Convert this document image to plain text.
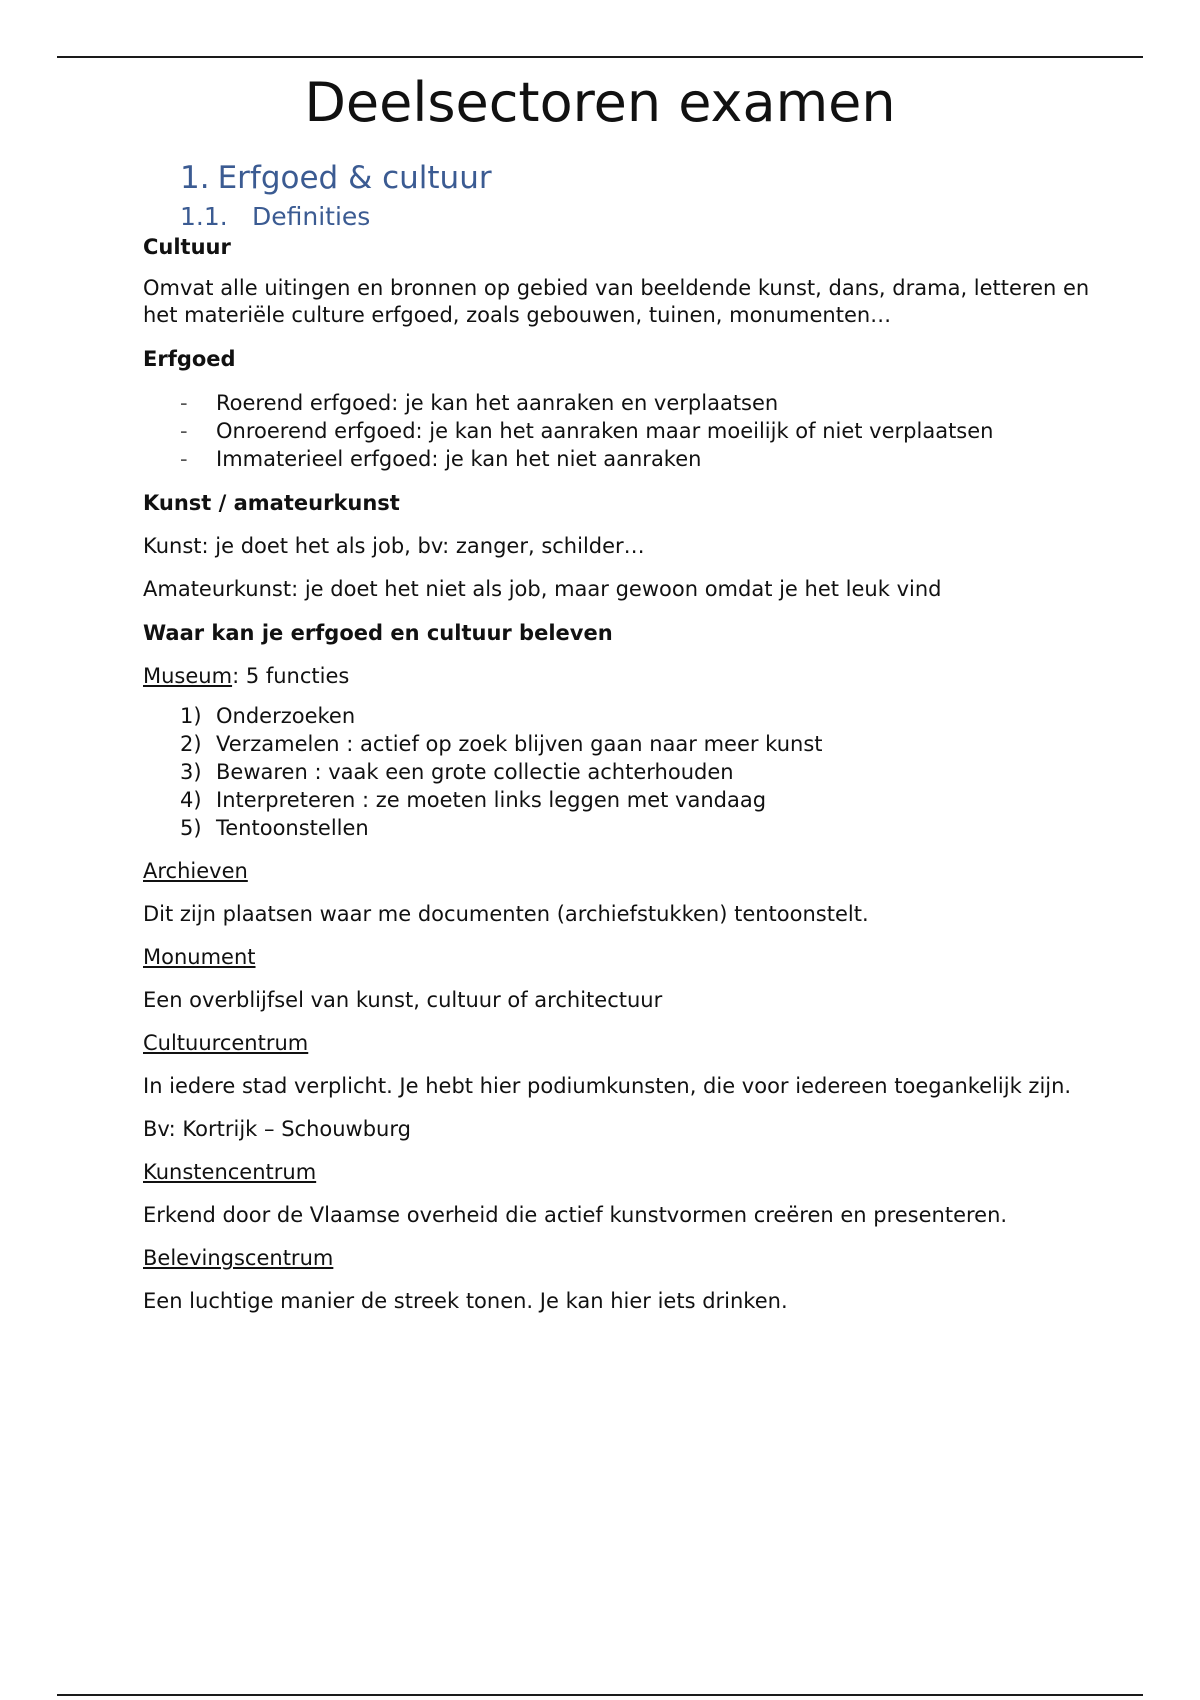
Deelsectoren examen
1. Erfgoed & cultuur
1.1. Definities
Cultuur

Omvat alle uitingen en bronnen op gebied van beeldende kunst, dans, drama, letteren en het materiële culture erfgoed, zoals gebouwen, tuinen, monumenten…

Erfgoed
- Roerend erfgoed: je kan het aanraken en verplaatsen
- Onroerend erfgoed: je kan het aanraken maar moeilijk of niet verplaatsen
- Immaterieel erfgoed: je kan het niet aanraken
Kunst / amateurkunst

Kunst: je doet het als job, bv: zanger, schilder…

Amateurkunst: je doet het niet als job, maar gewoon omdat je het leuk vind

Waar kan je erfgoed en cultuur beleven

Museum: 5 functies

1) Onderzoeken
2) Verzamelen : actief op zoek blijven gaan naar meer kunst
3) Bewaren : vaak een grote collectie achterhouden
4) Interpreteren : ze moeten links leggen met vandaag
5) Tentoonstellen

Archieven

Dit zijn plaatsen waar me documenten (archiefstukken) tentoonstelt.

Monument

Een overblijfsel van kunst, cultuur of architectuur

Cultuurcentrum

In iedere stad verplicht. Je hebt hier podiumkunsten, die voor iedereen toegankelijk zijn.

Bv: Kortrijk – Schouwburg

Kunstencentrum

Erkend door de Vlaamse overheid die actief kunstvormen creëren en presenteren.

Belevingscentrum

Een luchtige manier de streek tonen. Je kan hier iets drinken.
